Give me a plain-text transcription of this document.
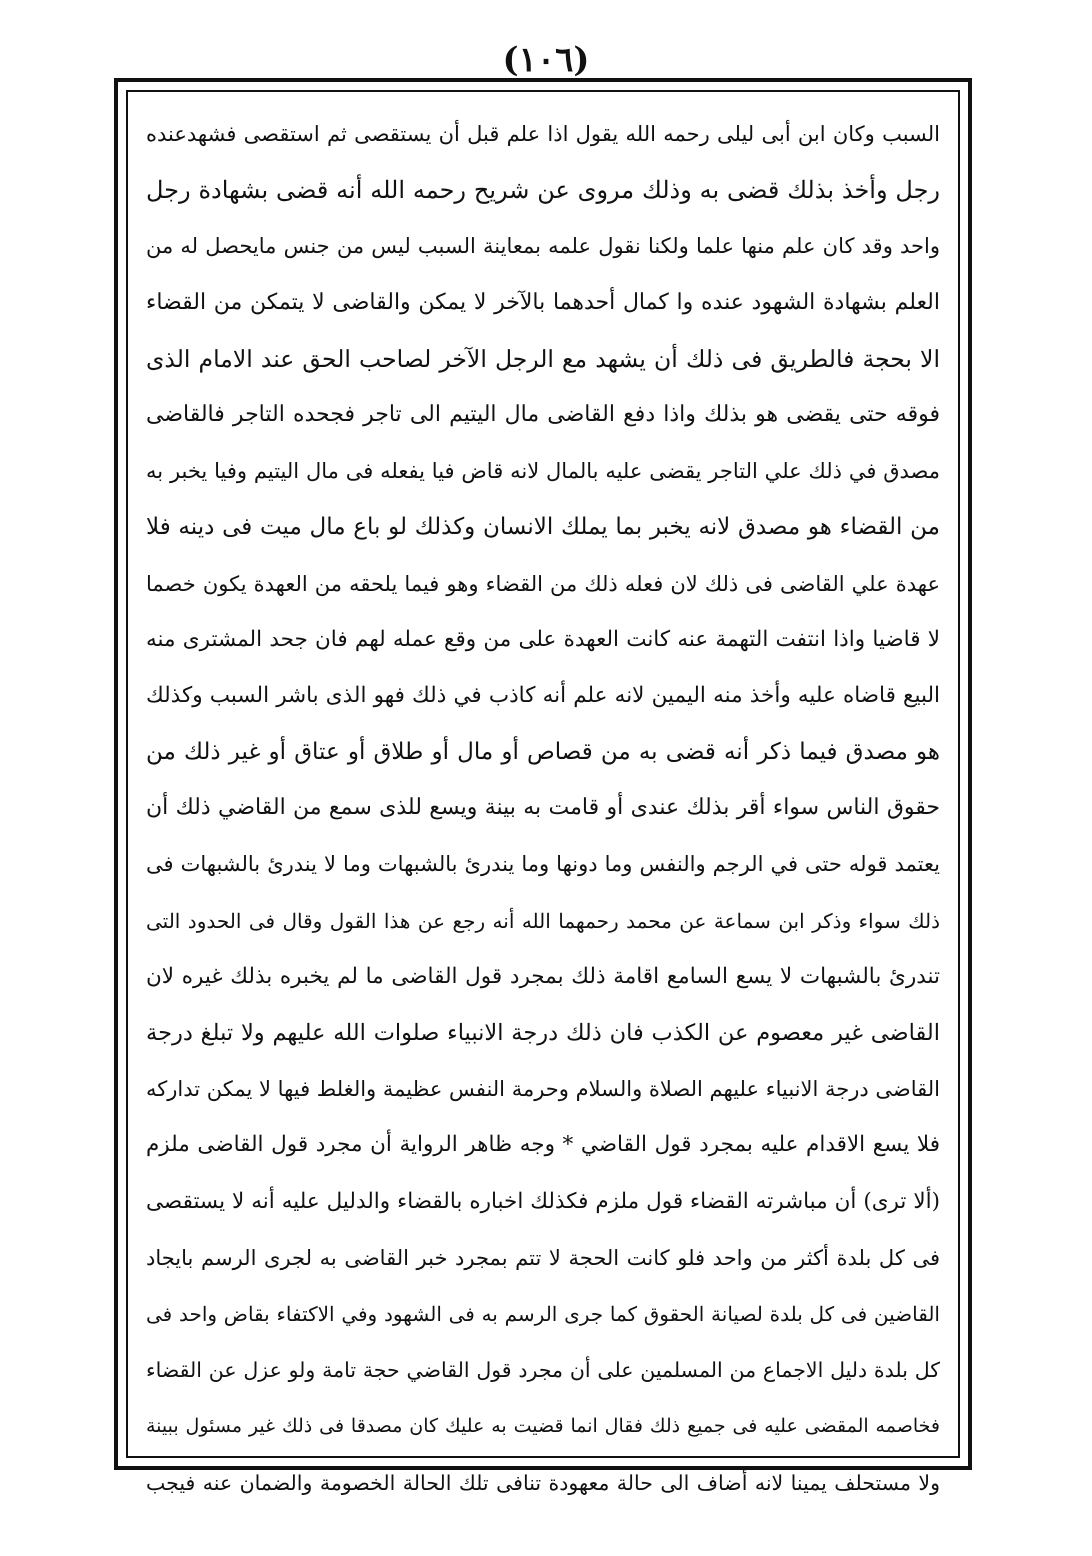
(١٠٦)
السبب وكان ابن أبى ليلى رحمه الله يقول اذا علم قبل أن يستقصى ثم استقصى فشهدعنده
رجل وأخذ بذلك قضى به وذلك مروى عن شريح رحمه الله أنه قضى بشهادة رجل
واحد وقد كان علم منها علما ولكنا نقول علمه بمعاينة السبب ليس من جنس مايحصل له من
العلم بشهادة الشهود عنده وا كمال أحدهما بالآخر لا يمكن والقاضى لا يتمكن من القضاء
الا بحجة فالطريق فى ذلك أن يشهد مع الرجل الآخر لصاحب الحق عند الامام الذى
فوقه حتى يقضى هو بذلك واذا دفع القاضى مال اليتيم الى تاجر فجحده التاجر فالقاضى
مصدق في ذلك علي التاجر يقضى عليه بالمال لانه قاض فيا يفعله فى مال اليتيم وفيا يخبر به
من القضاء هو مصدق لانه يخبر بما يملك الانسان وكذلك لو باع مال ميت فى دينه فلا
عهدة علي القاضى فى ذلك لان فعله ذلك من القضاء وهو فيما يلحقه من العهدة يكون خصما
لا قاضيا واذا انتفت التهمة عنه كانت العهدة على من وقع عمله لهم فان جحد المشترى منه
البيع قاضاه عليه وأخذ منه اليمين لانه علم أنه كاذب في ذلك فهو الذى باشر السبب وكذلك
هو مصدق فيما ذكر أنه قضى به من قصاص أو مال أو طلاق أو عتاق أو غير ذلك من
حقوق الناس سواء أقر بذلك عندى أو قامت به بينة ويسع للذى سمع من القاضي ذلك أن
يعتمد قوله حتى في الرجم والنفس وما دونها وما يندرئ بالشبهات وما لا يندرئ بالشبهات فى
ذلك سواء وذكر ابن سماعة عن محمد رحمهما الله أنه رجع عن هذا القول وقال فى الحدود التى
تندرئ بالشبهات لا يسع السامع اقامة ذلك بمجرد قول القاضى ما لم يخبره بذلك غيره لان
القاضى غير معصوم عن الكذب فان ذلك درجة الانبياء صلوات الله عليهم ولا تبلغ درجة
القاضى درجة الانبياء عليهم الصلاة والسلام وحرمة النفس عظيمة والغلط فيها لا يمكن تداركه
فلا يسع الاقدام عليه بمجرد قول القاضي * وجه ظاهر الرواية أن مجرد قول القاضى ملزم
(ألا ترى) أن مباشرته القضاء قول ملزم فكذلك اخباره بالقضاء والدليل عليه أنه لا يستقصى
فى كل بلدة أكثر من واحد فلو كانت الحجة لا تتم بمجرد خبر القاضى به لجرى الرسم بايجاد
القاضين فى كل بلدة لصيانة الحقوق كما جرى الرسم به فى الشهود وفي الاكتفاء بقاض واحد فى
كل بلدة دليل الاجماع من المسلمين على أن مجرد قول القاضي حجة تامة ولو عزل عن القضاء
فخاصمه المقضى عليه فى جميع ذلك فقال انما قضيت به عليك كان مصدقا فى ذلك غير مسئول ببينة
ولا مستحلف يمينا لانه أضاف الى حالة معهودة تنافى تلك الحالة الخصومة والضمان عنه فيجب
